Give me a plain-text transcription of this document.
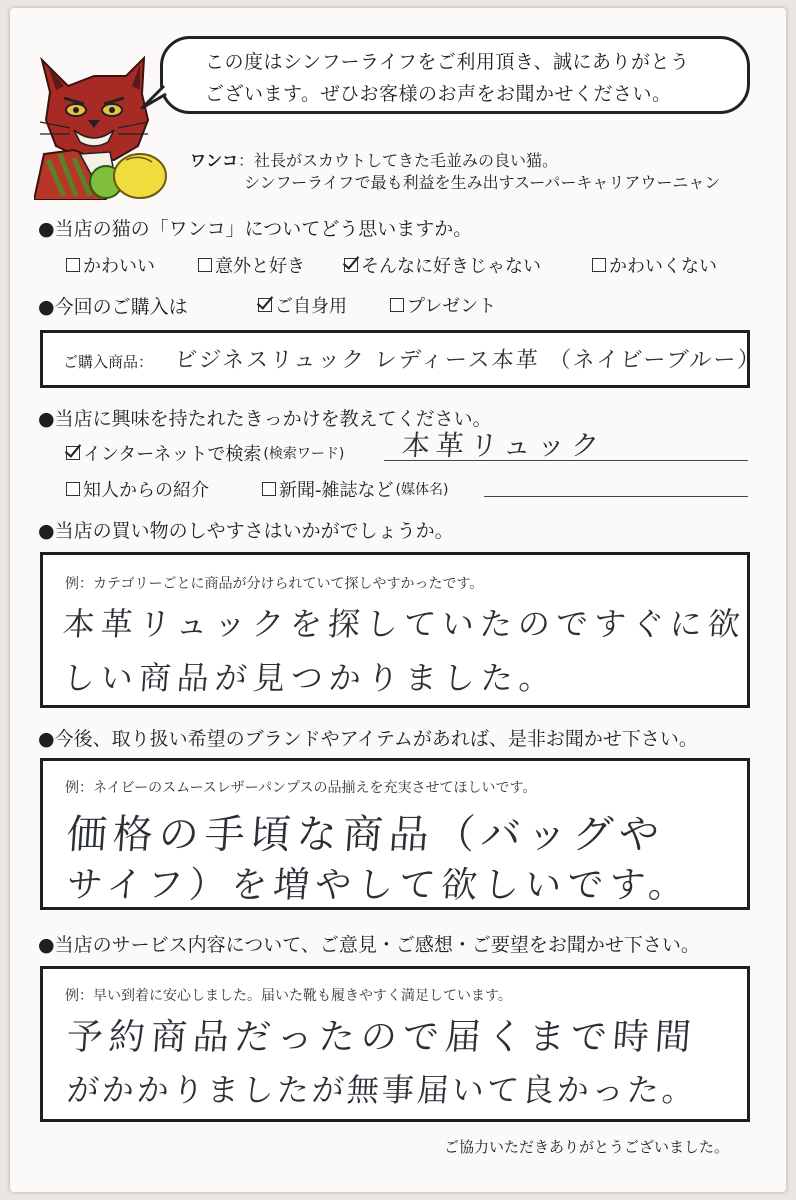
この度はシンフーライフをご利用頂き、誠にありがとう
ございます。ぜひお客様のお声をお聞かせください。
ワンコ：社長がスカウトしてきた毛並みの良い猫。
シンフーライフで最も利益を生み出すスーパーキャリアウーニャン
●当店の猫の「ワンコ」についてどう思いますか。
かわいい	意外と好き	そんなに好きじゃない	かわいくない
●今回のご購入は	ご自身用	プレゼント
ご購入商品： ビジネスリュック レディース本革 （ネイビーブルー）
●当店に興味を持たれたきっかけを教えてください。
インターネットで検索 (検索ワード) 本革リュック
知人からの紹介	新聞-雑誌など (媒体名)
●当店の買い物のしやすさはいかがでしょうか。
例：カテゴリーごとに商品が分けられていて探しやすかったです。
本革リュックを探していたのですぐに欲
しい商品が見つかりました。
●今後、取り扱い希望のブランドやアイテムがあれば、是非お聞かせ下さい。
例：ネイビーのスムースレザーパンプスの品揃えを充実させてほしいです。
価格の手頃な商品（バッグや
サイフ）を増やして欲しいです。
●当店のサービス内容について、ご意見・ご感想・ご要望をお聞かせ下さい。
例：早い到着に安心しました。届いた靴も履きやすく満足しています。
予約商品だったので届くまで時間
がかかりましたが無事届いて良かった。
ご協力いただきありがとうございました。
